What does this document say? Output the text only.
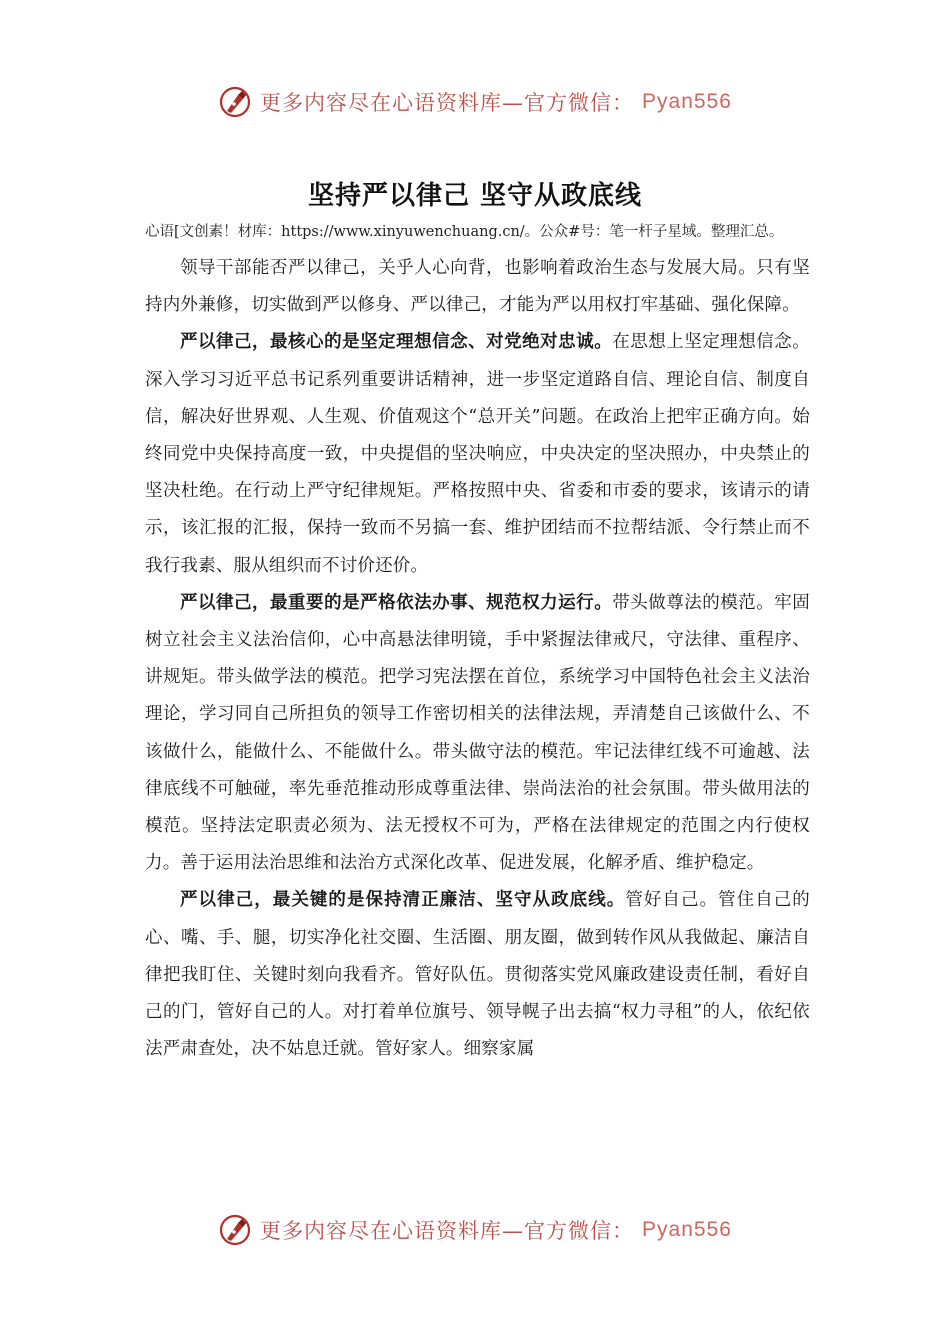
更多内容尽在心语资料库—官方微信： Pyan556
坚持严以律己 坚守从政底线

心语[文创素！材库：https://www.xinyuwenchuang.cn/。公众#号：笔一杆子星域。整理汇总。

领导干部能否严以律己，关乎人心向背，也影响着政治生态与发展大局。只有坚持内外兼修，切实做到严以修身、严以律己，才能为严以用权打牢基础、强化保障。

严以律己，最核心的是坚定理想信念、对党绝对忠诚。在思想上坚定理想信念。深入学习习近平总书记系列重要讲话精神，进一步坚定道路自信、理论自信、制度自信，解决好世界观、人生观、价值观这个“总开关”问题。在政治上把牢正确方向。始终同党中央保持高度一致，中央提倡的坚决响应，中央决定的坚决照办，中央禁止的坚决杜绝。在行动上严守纪律规矩。严格按照中央、省委和市委的要求，该请示的请示，该汇报的汇报，保持一致而不另搞一套、维护团结而不拉帮结派、令行禁止而不我行我素、服从组织而不讨价还价。

严以律己，最重要的是严格依法办事、规范权力运行。带头做尊法的模范。牢固树立社会主义法治信仰，心中高悬法律明镜，手中紧握法律戒尺，守法律、重程序、讲规矩。带头做学法的模范。把学习宪法摆在首位，系统学习中国特色社会主义法治理论，学习同自己所担负的领导工作密切相关的法律法规，弄清楚自己该做什么、不该做什么，能做什么、不能做什么。带头做守法的模范。牢记法律红线不可逾越、法律底线不可触碰，率先垂范推动形成尊重法律、崇尚法治的社会氛围。带头做用法的模范。坚持法定职责必须为、法无授权不可为，严格在法律规定的范围之内行使权力。善于运用法治思维和法治方式深化改革、促进发展，化解矛盾、维护稳定。

严以律己，最关键的是保持清正廉洁、坚守从政底线。管好自己。管住自己的心、嘴、手、腿，切实净化社交圈、生活圈、朋友圈，做到转作风从我做起、廉洁自律把我盯住、关键时刻向我看齐。管好队伍。贯彻落实党风廉政建设责任制，看好自己的门，管好自己的人。对打着单位旗号、领导幌子出去搞“权力寻租”的人，依纪依法严肃查处，决不姑息迁就。管好家人。细察家属

更多内容尽在心语资料库—官方微信： Pyan556
